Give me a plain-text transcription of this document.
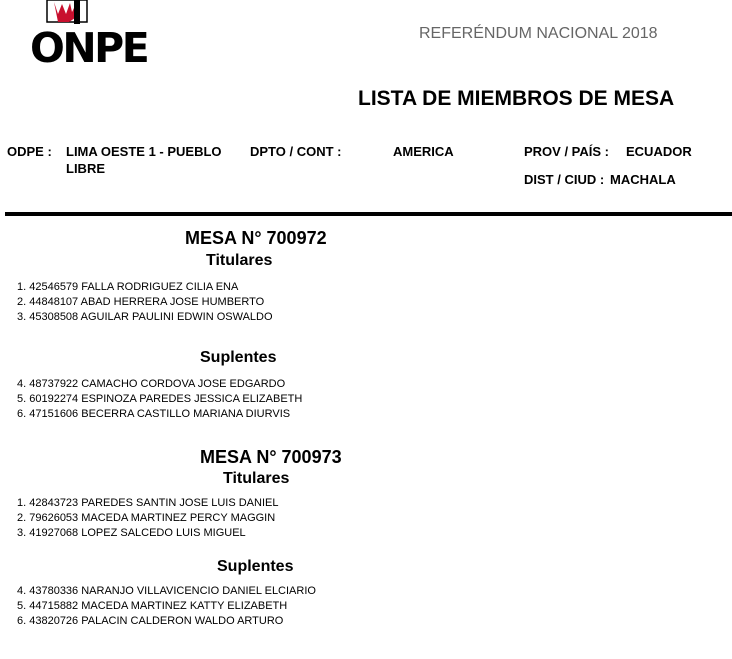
ONPE	REFERÉNDUM NACIONAL 2018
LISTA DE MIEMBROS DE MESA
ODPE : LIMA OESTE 1 - PUEBLO
LIBRE
DPTO / CONT :	AMERICA	PROV / PAÍS : ECUADOR
DIST / CIUD : MACHALA
MESA N° 700972
Titulares
1. 42546579 FALLA RODRIGUEZ CILIA ENA
2. 44848107 ABAD HERRERA JOSE HUMBERTO
3. 45308508 AGUILAR PAULINI EDWIN OSWALDO
Suplentes
4. 48737922 CAMACHO CORDOVA JOSE EDGARDO
5. 60192274 ESPINOZA PAREDES JESSICA ELIZABETH
6. 47151606 BECERRA CASTILLO MARIANA DIURVIS
MESA N° 700973
Titulares
1. 42843723 PAREDES SANTIN JOSE LUIS DANIEL
2. 79626053 MACEDA MARTINEZ PERCY MAGGIN
3. 41927068 LOPEZ SALCEDO LUIS MIGUEL
Suplentes
4. 43780336 NARANJO VILLAVICENCIO DANIEL ELCIARIO
5. 44715882 MACEDA MARTINEZ KATTY ELIZABETH
6. 43820726 PALACIN CALDERON WALDO ARTURO
